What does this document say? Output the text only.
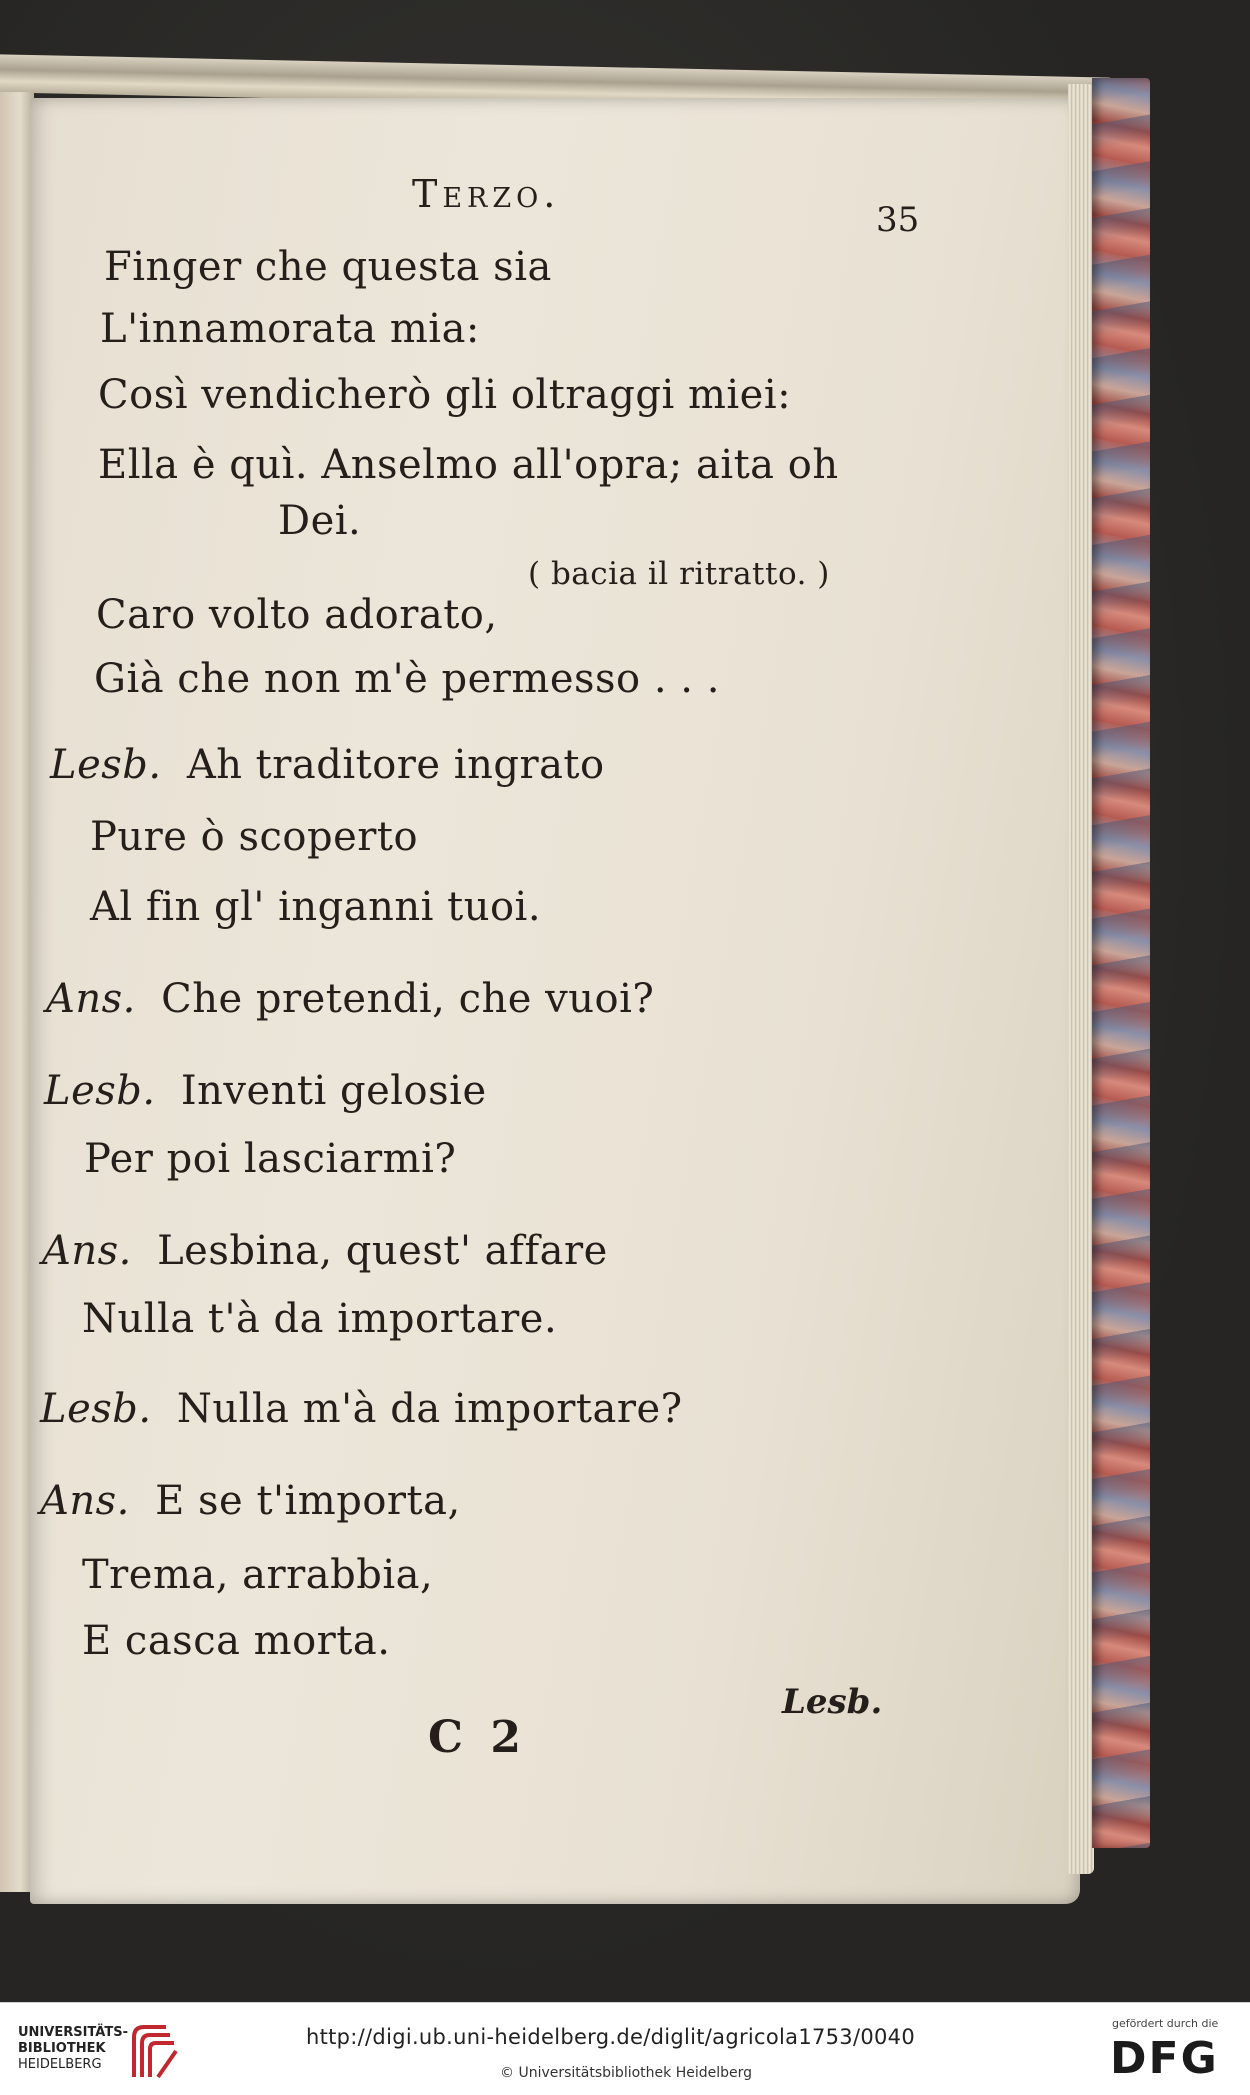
Terzo.
35
Finger che questa sia
L'innamorata mia:
Così vendicherò gli oltraggi miei:
Ella è quì. Anselmo all'opra; aita oh
Dei.
( bacia il ritratto. )
Caro volto adorato,
Già che non m'è permesso . . .
Lesb. Ah traditore ingrato
Pure ò scoperto
Al fin gl' inganni tuoi.
Ans. Che pretendi, che vuoi?
Lesb. Inventi gelosie
Per poi lasciarmi?
Ans. Lesbina, quest' affare
Nulla t'à da importare.
Lesb. Nulla m'à da importare?
Ans. E se t'importa,
Trema, arrabbia,
E casca morta.
Lesb.
C 2
UNIVERSITÄTS-
BIBLIOTHEK
HEIDELBERG
http://digi.ub.uni-heidelberg.de/diglit/agricola1753/0040
© Universitätsbibliothek Heidelberg
gefördert durch die
DFG
